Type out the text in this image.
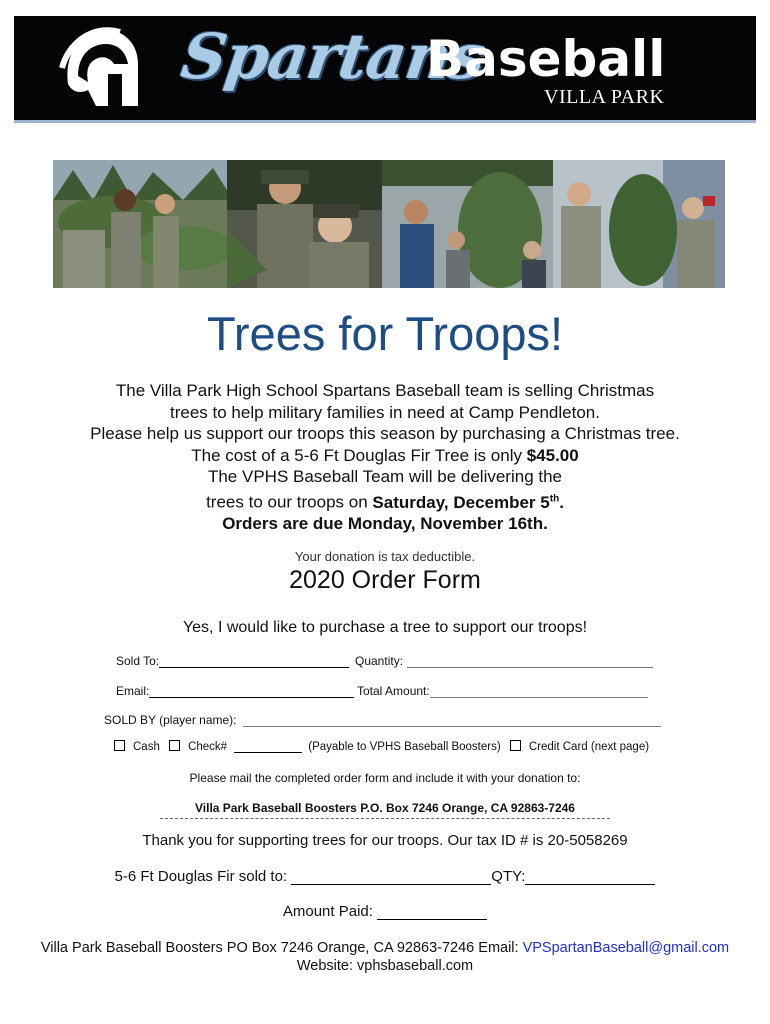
Spartans
Baseball
VILLA PARK
Trees for Troops!
The Villa Park High School Spartans Baseball team is selling Christmas
trees to help military families in need at Camp Pendleton.
Please help us support our troops this season by purchasing a Christmas tree.
The cost of a 5-6 Ft Douglas Fir Tree is only $45.00
The VPHS Baseball Team will be delivering the
trees to our troops on Saturday, December 5th.
Orders are due Monday, November 16th.
Your donation is tax deductible.
2020 Order Form
Yes, I would like to purchase a tree to support our troops!
Sold To:	Quantity:
Email:	Total Amount:
SOLD BY (player name):
Cash Check#	(Payable to VPHS Baseball Boosters) Credit Card (next page)
Please mail the completed order form and include it with your donation to:
Villa Park Baseball Boosters P.O. Box 7246 Orange, CA 92863-7246
Thank you for supporting trees for our troops. Our tax ID # is 20-5058269
5-6 Ft Douglas Fir sold to:	QTY:
Amount Paid:
Villa Park Baseball Boosters PO Box 7246 Orange, CA 92863-7246 Email: VPSpartanBaseball@gmail.com
Website: vphsbaseball.com
